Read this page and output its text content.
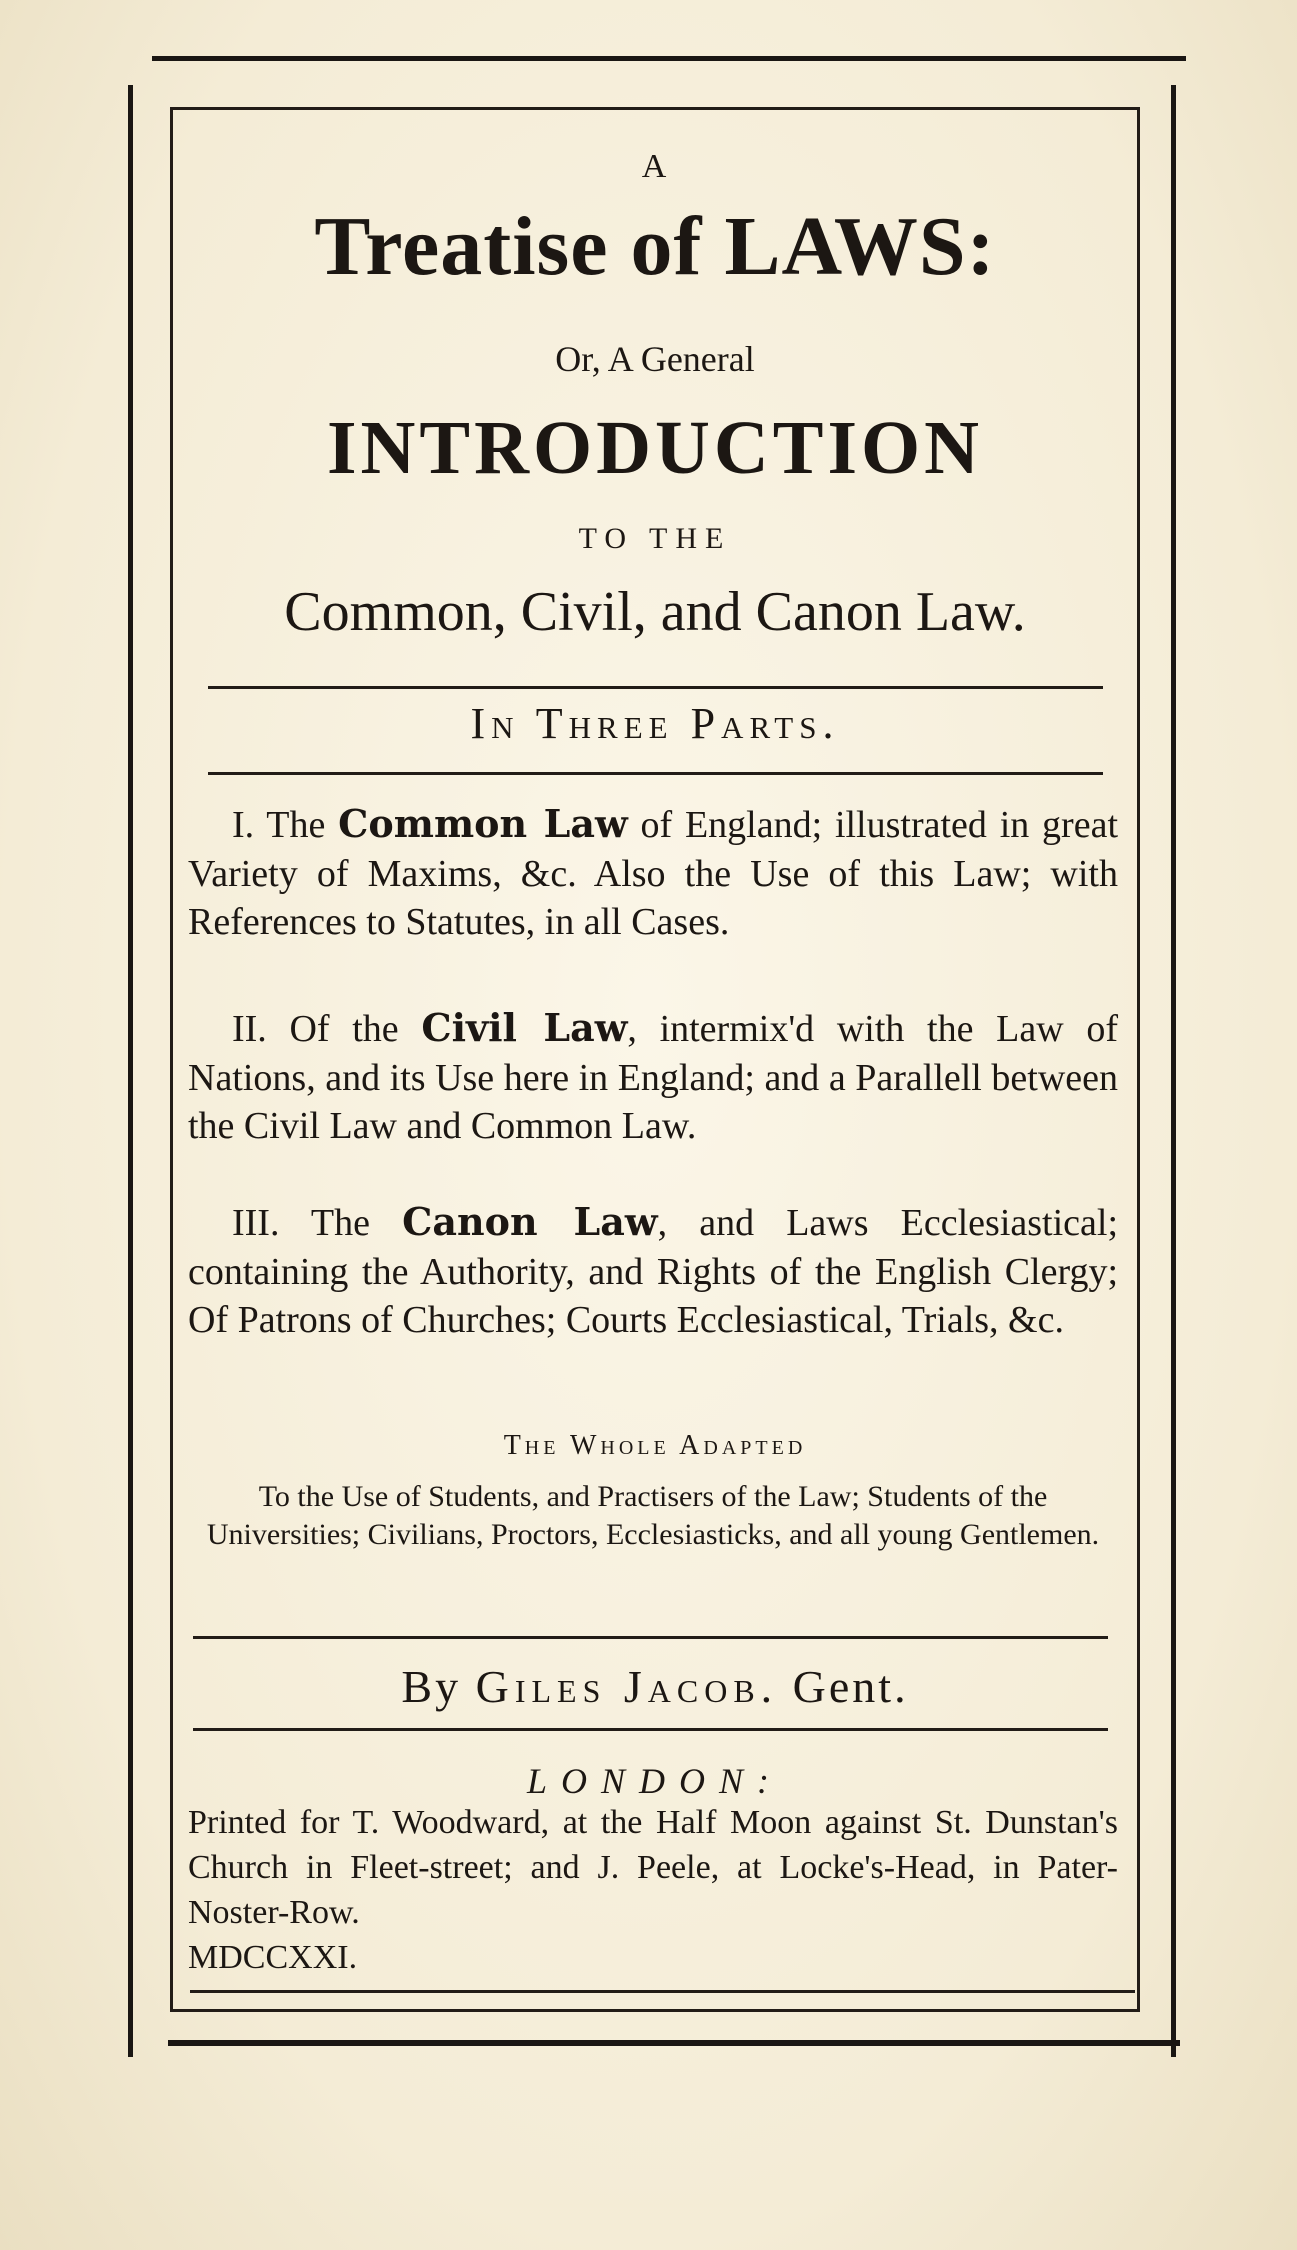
A
Treatise of LAWS:
Or, A General
INTRODUCTION
TO THE
Common, Civil, and Canon Law.
In Three Parts.
I. The Common Law of England; illustrated in great Variety of Maxims, &c. Also the Use of this Law; with References to Statutes, in all Cases.
II. Of the Civil Law, intermix'd with the Law of Nations, and its Use here in England; and a Parallell between the Civil Law and Common Law.
III. The Canon Law, and Laws Ecclesiastical; containing the Authority, and Rights of the English Clergy; Of Patrons of Churches; Courts Ecclesiastical, Trials, &c.
The Whole Adapted
To the Use of Students, and Practisers of the Law; Students of the Universities; Civilians, Proctors, Ecclesiasticks, and all young Gentlemen.
By Giles Jacob. Gent.
LONDON:
Printed for T. Woodward, at the Half Moon against St. Dunstan's Church in Fleet-street; and J. Peele, at Locke's-Head, in Pater-Noster-Row.
MDCCXXI.
